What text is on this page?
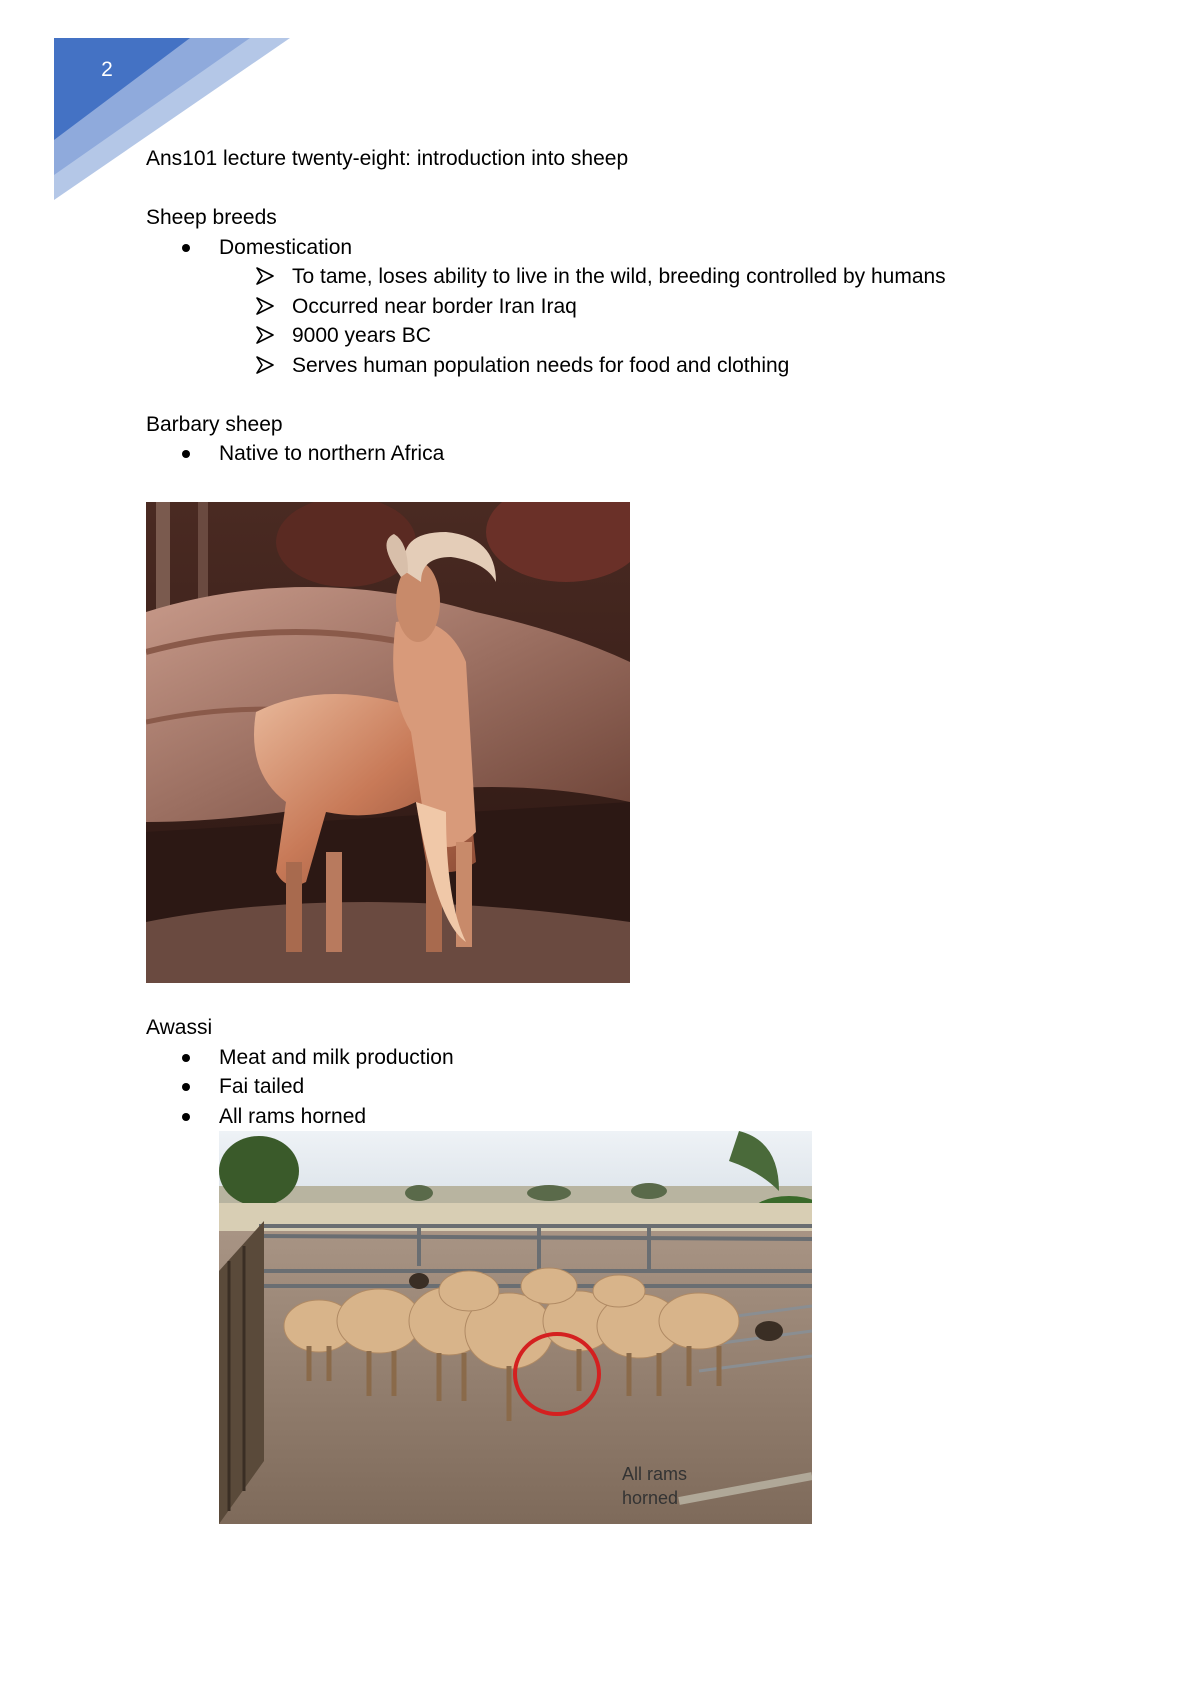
2
Ans101 lecture twenty-eight: introduction into sheep
Sheep breeds
Domestication
To tame, loses ability to live in the wild, breeding controlled by humans
Occurred near border Iran Iraq
9000 years BC
Serves human population needs for food and clothing
Barbary sheep
Native to northern Africa
Awassi
Meat and milk production
Fai tailed
All rams horned
All rams
horned
